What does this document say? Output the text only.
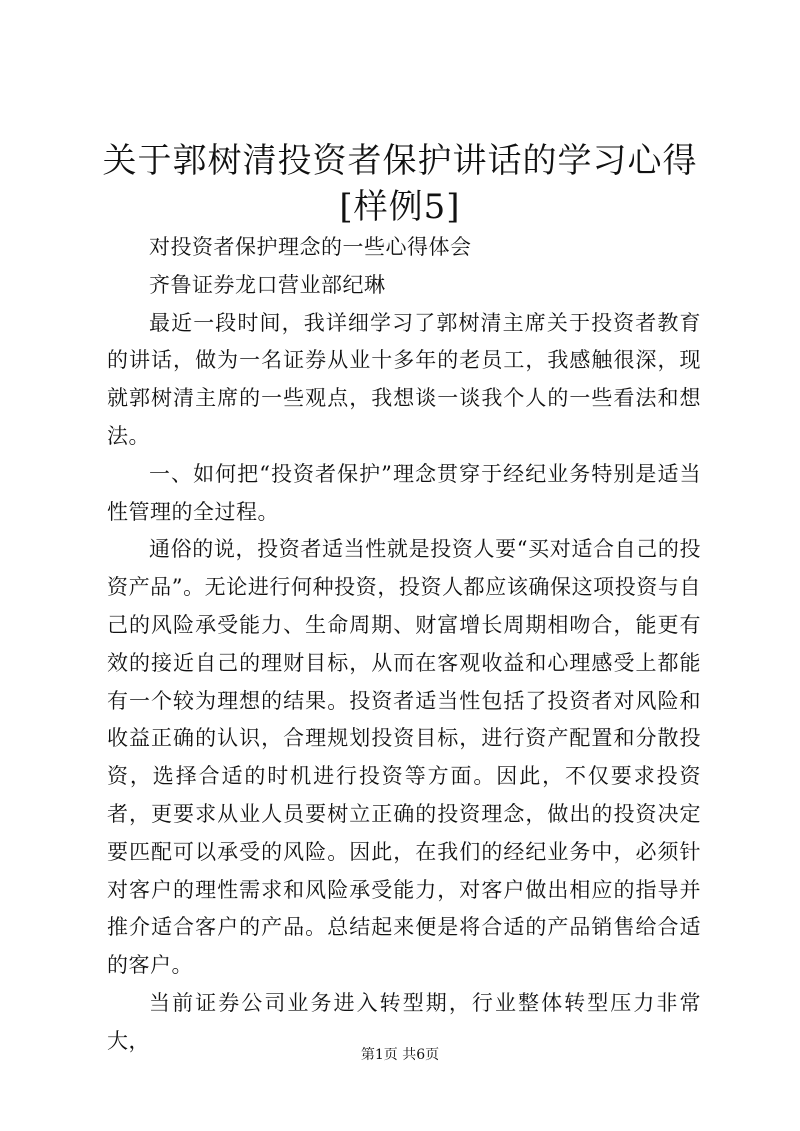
关于郭树清投资者保护讲话的学习心得[样例5]

对投资者保护理念的一些心得体会

齐鲁证券龙口营业部纪琳

最近一段时间，我详细学习了郭树清主席关于投资者教育的讲话，做为一名证券从业十多年的老员工，我感触很深，现就郭树清主席的一些观点，我想谈一谈我个人的一些看法和想法。

一、如何把“投资者保护”理念贯穿于经纪业务特别是适当性管理的全过程。

通俗的说，投资者适当性就是投资人要“买对适合自己的投资产品”。无论进行何种投资，投资人都应该确保这项投资与自己的风险承受能力、生命周期、财富增长周期相吻合，能更有效的接近自己的理财目标，从而在客观收益和心理感受上都能有一个较为理想的结果。投资者适当性包括了投资者对风险和收益正确的认识，合理规划投资目标，进行资产配置和分散投资，选择合适的时机进行投资等方面。因此，不仅要求投资者，更要求从业人员要树立正确的投资理念，做出的投资决定要匹配可以承受的风险。因此，在我们的经纪业务中，必须针对客户的理性需求和风险承受能力，对客户做出相应的指导并推介适合客户的产品。总结起来便是将合适的产品销售给合适的客户。

当前证券公司业务进入转型期，行业整体转型压力非常大，

第1页 共6页
